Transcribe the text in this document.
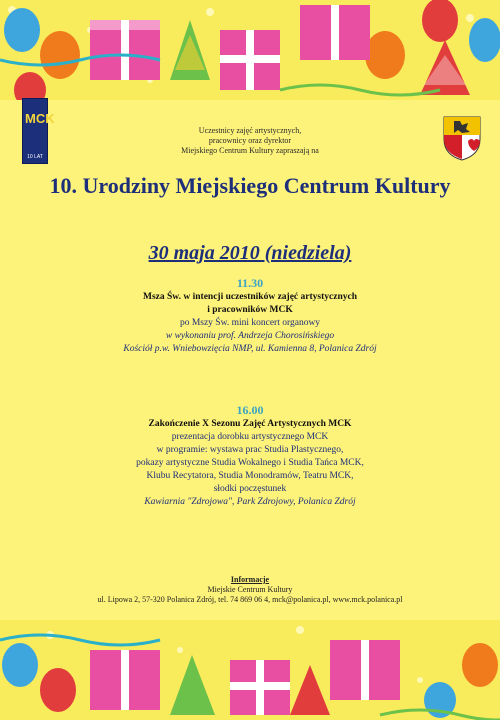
MCK
10 LAT
Uczestnicy zajęć artystycznych,
pracownicy oraz dyrektor
Miejskiego Centrum Kultury zapraszają na
10. Urodziny Miejskiego Centrum Kultury
30 maja 2010 (niedziela)
11.30
Msza Św. w intencji uczestników zajęć artystycznych
i pracowników MCK
po Mszy Św. mini koncert organowy
w wykonaniu prof. Andrzeja Chorosińskiego
Kościół p.w. Wniebowzięcia NMP, ul. Kamienna 8, Polanica Zdrój
16.00
Zakończenie X Sezonu Zajęć Artystycznych MCK
prezentacja dorobku artystycznego MCK
w programie: wystawa prac Studia Plastycznego,
pokazy artystyczne Studia Wokalnego i Studia Tańca MCK,
Klubu Recytatora, Studia Monodramów, Teatru MCK,
słodki poczęstunek
Kawiarnia "Zdrojowa", Park Zdrojowy, Polanica Zdrój
Informacje
Miejskie Centrum Kultury
ul. Lipowa 2, 57-320 Polanica Zdrój, tel. 74 869 06 4, mck@polanica.pl, www.mck.polanica.pl
